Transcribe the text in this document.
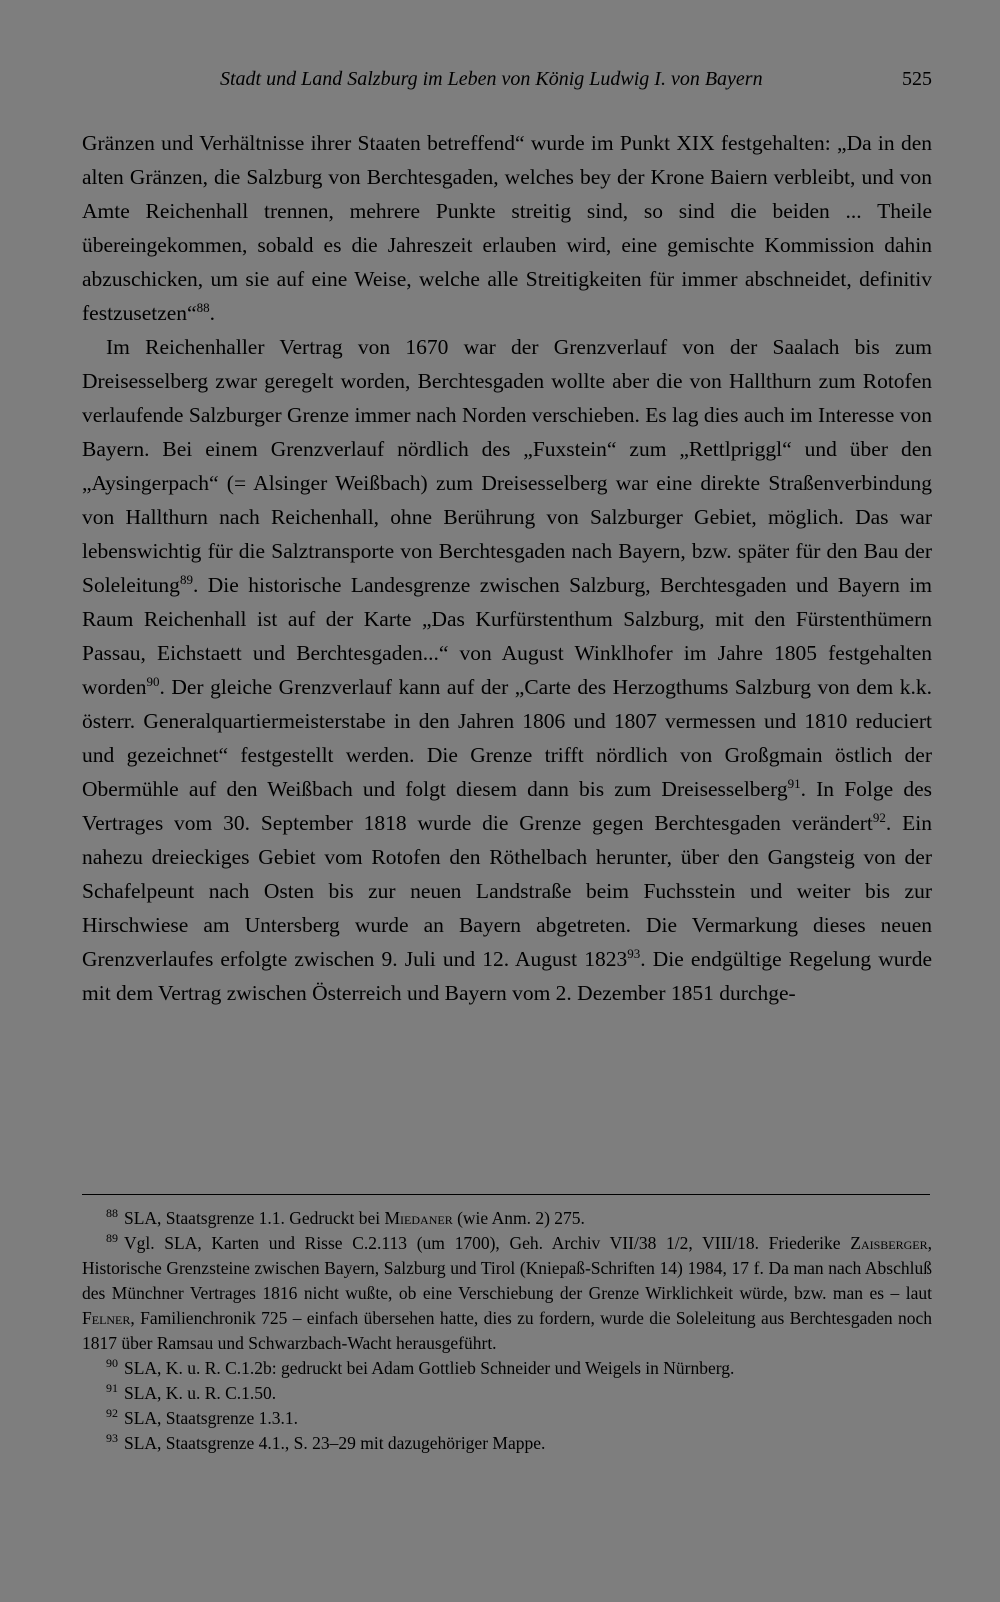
Stadt und Land Salzburg im Leben von König Ludwig I. von Bayern	525

Gränzen und Verhältnisse ihrer Staaten betreffend“ wurde im Punkt XIX festgehalten: „Da in den alten Gränzen, die Salzburg von Berchtesgaden, welches bey der Krone Baiern verbleibt, und von Amte Reichenhall trennen, mehrere Punkte streitig sind, so sind die beiden ... Theile übereingekommen, sobald es die Jahreszeit erlauben wird, eine gemischte Kommission dahin abzuschicken, um sie auf eine Weise, welche alle Streitigkeiten für immer abschneidet, definitiv festzusetzen“$^{88}$.

Im Reichenhaller Vertrag von 1670 war der Grenzverlauf von der Saalach bis zum Dreisesselberg zwar geregelt worden, Berchtesgaden wollte aber die von Hallthurn zum Rotofen verlaufende Salzburger Grenze immer nach Norden verschieben. Es lag dies auch im Interesse von Bayern. Bei einem Grenzverlauf nördlich des „Fuxstein“ zum „Rettlpriggl“ und über den „Aysingerpach“ (= Alsinger Weißbach) zum Dreisesselberg war eine direkte Straßenverbindung von Hallthurn nach Reichenhall, ohne Berührung von Salzburger Gebiet, möglich. Das war lebenswichtig für die Salztransporte von Berchtesgaden nach Bayern, bzw. später für den Bau der Soleleitung$^{89}$. Die historische Landesgrenze zwischen Salzburg, Berchtesgaden und Bayern im Raum Reichenhall ist auf der Karte „Das Kurfürstenthum Salzburg, mit den Fürstenthümern Passau, Eichstaett und Berchtesgaden...“ von August Winklhofer im Jahre 1805 festgehalten worden$^{90}$. Der gleiche Grenzverlauf kann auf der „Carte des Herzogthums Salzburg von dem k.k. österr. Generalquartiermeisterstabe in den Jahren 1806 und 1807 vermessen und 1810 reduciert und gezeichnet“ festgestellt werden. Die Grenze trifft nördlich von Großgmain östlich der Obermühle auf den Weißbach und folgt diesem dann bis zum Dreisesselberg$^{91}$. In Folge des Vertrages vom 30. September 1818 wurde die Grenze gegen Berchtesgaden verändert$^{92}$. Ein nahezu dreieckiges Gebiet vom Rotofen den Röthelbach herunter, über den Gangsteig von der Schafelpeunt nach Osten bis zur neuen Landstraße beim Fuchsstein und weiter bis zur Hirschwiese am Untersberg wurde an Bayern abgetreten. Die Vermarkung dieses neuen Grenzverlaufes erfolgte zwischen 9. Juli und 12. August 1823$^{93}$. Die endgültige Regelung wurde mit dem Vertrag zwischen Österreich und Bayern vom 2. Dezember 1851 durchge-

88 SLA, Staatsgrenze 1.1. Gedruckt bei Miedaner (wie Anm. 2) 275.

89 Vgl. SLA, Karten und Risse C.2.113 (um 1700), Geh. Archiv VII/38 1/2, VIII/18. Friederike Zaisberger, Historische Grenzsteine zwischen Bayern, Salzburg und Tirol (Kniepaß-Schriften 14) 1984, 17 f. Da man nach Abschluß des Münchner Vertrages 1816 nicht wußte, ob eine Verschiebung der Grenze Wirklichkeit würde, bzw. man es – laut Felner, Familienchronik 725 – einfach übersehen hatte, dies zu fordern, wurde die Soleleitung aus Berchtesgaden noch 1817 über Ramsau und Schwarzbach-Wacht herausgeführt.

90 SLA, K. u. R. C.1.2b: gedruckt bei Adam Gottlieb Schneider und Weigels in Nürnberg.

91 SLA, K. u. R. C.1.50.

92 SLA, Staatsgrenze 1.3.1.

93 SLA, Staatsgrenze 4.1., S. 23–29 mit dazugehöriger Mappe.
